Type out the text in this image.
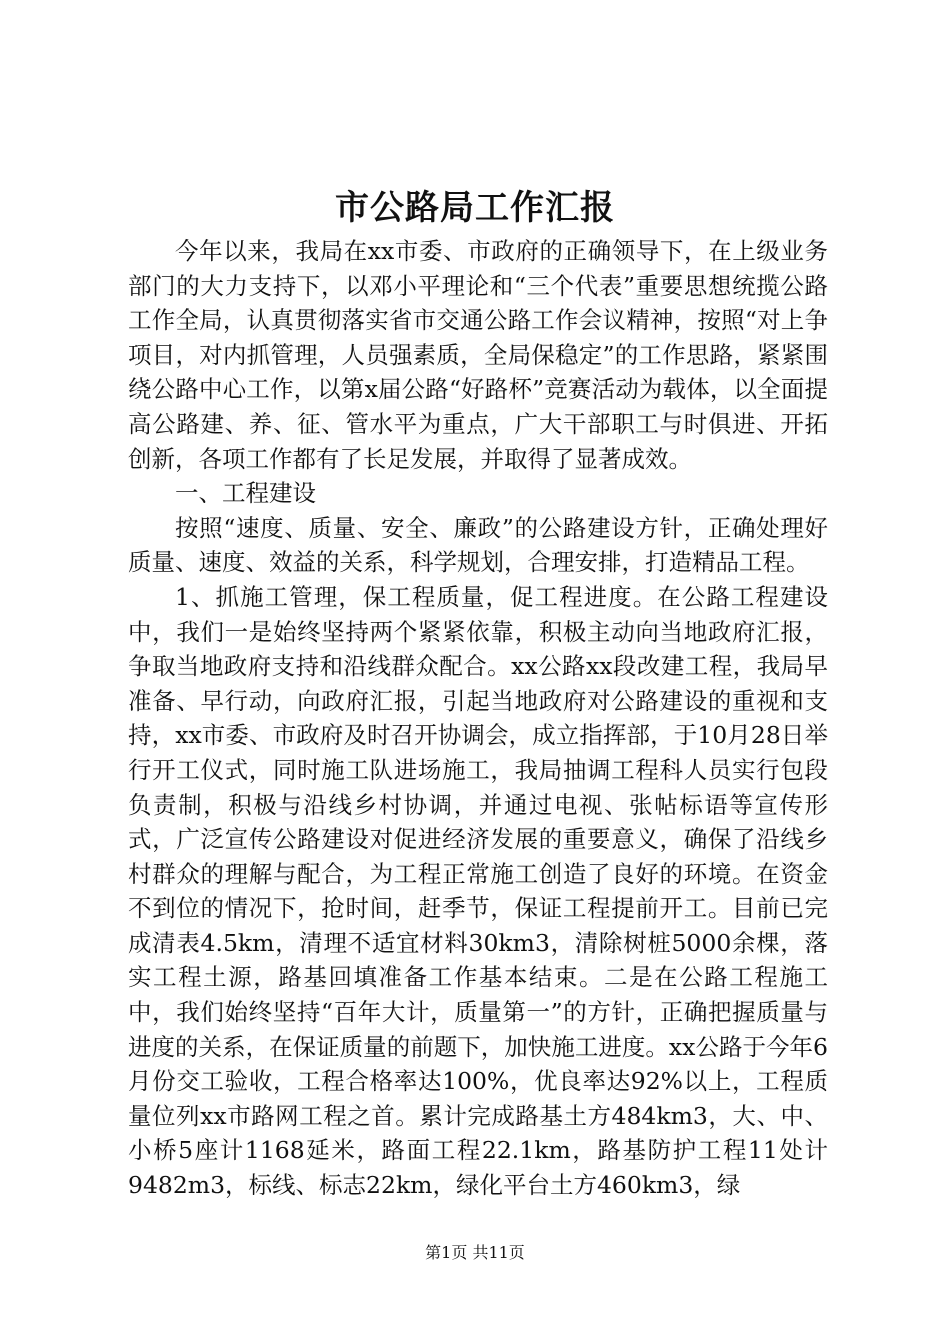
市公路局工作汇报

今年以来，我局在xx市委、市政府的正确领导下，在上级业务部门的大力支持下，以邓小平理论和“三个代表”重要思想统揽公路工作全局，认真贯彻落实省市交通公路工作会议精神，按照“对上争项目，对内抓管理，人员强素质，全局保稳定”的工作思路，紧紧围绕公路中心工作，以第x届公路“好路杯”竞赛活动为载体，以全面提高公路建、养、征、管水平为重点，广大干部职工与时俱进、开拓创新，各项工作都有了长足发展，并取得了显著成效。

一、工程建设

按照“速度、质量、安全、廉政”的公路建设方针，正确处理好质量、速度、效益的关系，科学规划，合理安排，打造精品工程。

1、抓施工管理，保工程质量，促工程进度。在公路工程建设中，我们一是始终坚持两个紧紧依靠，积极主动向当地政府汇报，争取当地政府支持和沿线群众配合。xx公路xx段改建工程，我局早准备、早行动，向政府汇报，引起当地政府对公路建设的重视和支持，xx市委、市政府及时召开协调会，成立指挥部，于10月28日举行开工仪式，同时施工队进场施工，我局抽调工程科人员实行包段负责制，积极与沿线乡村协调，并通过电视、张帖标语等宣传形式，广泛宣传公路建设对促进经济发展的重要意义，确保了沿线乡村群众的理解与配合，为工程正常施工创造了良好的环境。在资金不到位的情况下，抢时间，赶季节，保证工程提前开工。目前已完成清表4.5km，清理不适宜材料30km3，清除树桩5000余棵，落实工程土源，路基回填准备工作基本结束。二是在公路工程施工中，我们始终坚持“百年大计，质量第一”的方针，正确把握质量与进度的关系，在保证质量的前题下，加快施工进度。xx公路于今年6月份交工验收，工程合格率达100%，优良率达92%以上，工程质量位列xx市路网工程之首。累计完成路基土方484km3，大、中、小桥5座计1168延米，路面工程22.1km，路基防护工程11处计9482m3，标线、标志22km，绿化平台土方460km3，绿

第1页 共11页
